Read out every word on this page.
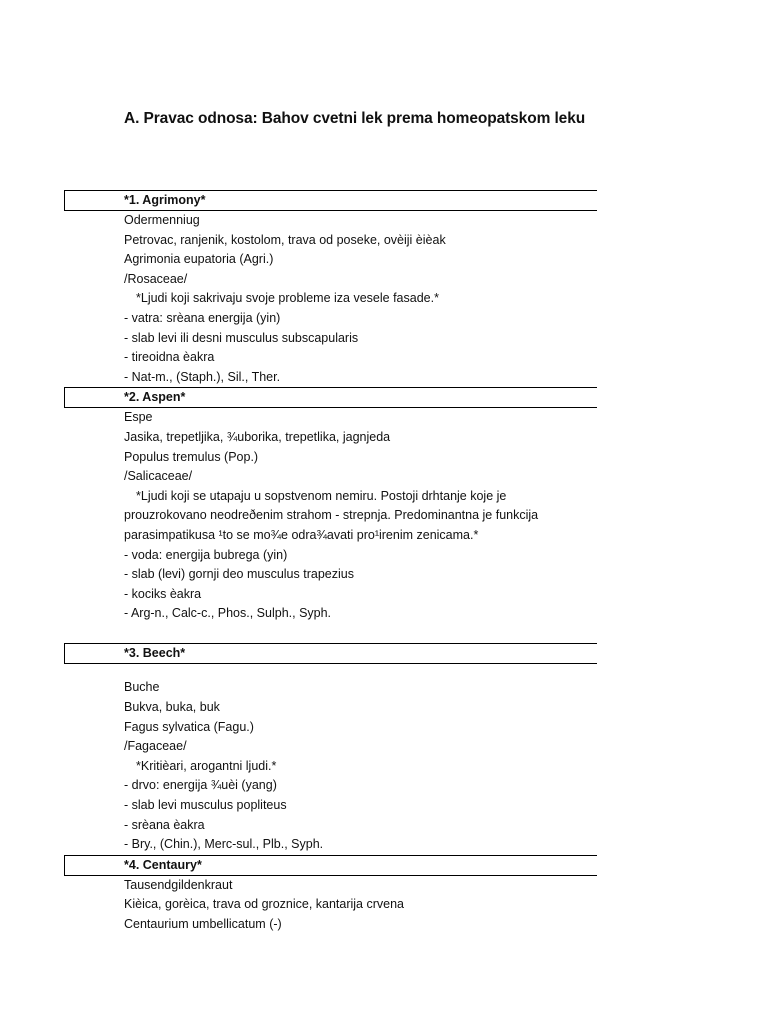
A. Pravac odnosa: Bahov cvetni lek prema homeopatskom leku
*1. Agrimony*
Odermenniug
Petrovac, ranjenik, kostolom, trava od poseke, ovèiji èièak
Agrimonia eupatoria (Agri.)
/Rosaceae/
*Ljudi koji sakrivaju svoje probleme iza vesele fasade.*
- vatra: srèana energija (yin)
- slab levi ili desni musculus subscapularis
- tireoidna èakra
- Nat-m., (Staph.), Sil., Ther.
*2. Aspen*
Espe
Jasika, trepetljika, ¾uborika, trepetlika, jagnjeda
Populus tremulus (Pop.)
/Salicaceae/
*Ljudi koji se utapaju u sopstvenom nemiru. Postoji drhtanje koje je
prouzrokovano neodreðenim strahom - strepnja. Predominantna je funkcija
parasimpatikusa ¹to se mo¾e odra¾avati pro¹irenim zenicama.*
- voda: energija bubrega (yin)
- slab (levi) gornji deo musculus trapezius
- kociks èakra
- Arg-n., Calc-c., Phos., Sulph., Syph.
*3. Beech*
Buche
Bukva, buka, buk
Fagus sylvatica (Fagu.)
/Fagaceae/
*Kritièari, arogantni ljudi.*
- drvo: energija ¾uèi (yang)
- slab levi musculus popliteus
- srèana èakra
- Bry., (Chin.), Merc-sul., Plb., Syph.
*4. Centaury*
Tausendgildenkraut
Kièica, gorèica, trava od groznice, kantarija crvena
Centaurium umbellicatum (-)
